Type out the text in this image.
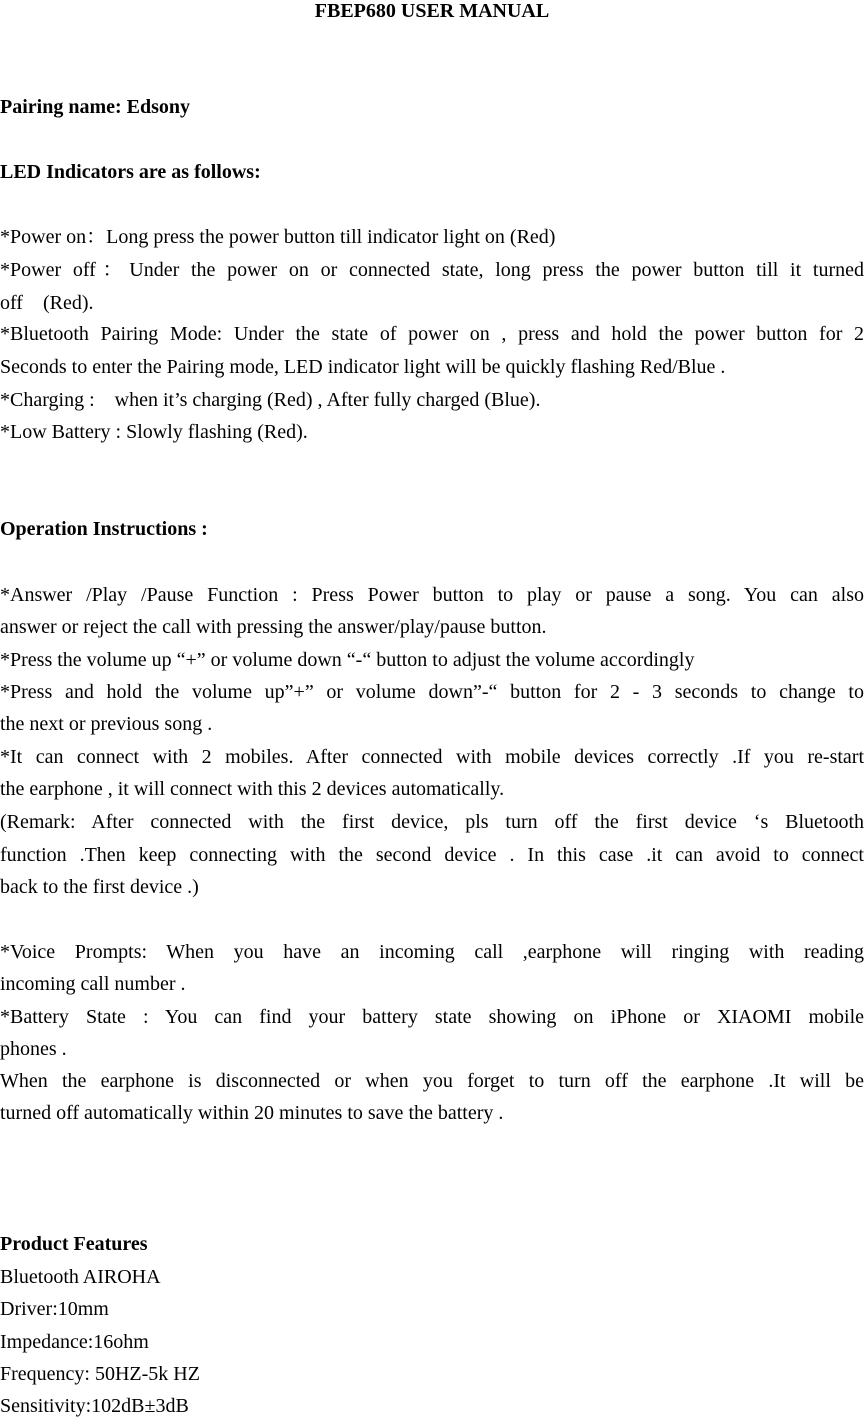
FBEP680 USER MANUAL
Pairing name: Edsony
LED Indicators are as follows:
*Power on：Long press the power button till indicator light on (Red)
*Power off：Under the power on or connected state, long press the power button till it turned
off    (Red).
*Bluetooth Pairing Mode: Under the state of power on , press and hold the power button for 2
Seconds to enter the Pairing mode, LED indicator light will be quickly flashing Red/Blue .
*Charging :    when it’s charging (Red) , After fully charged (Blue).
*Low Battery : Slowly flashing (Red).
Operation Instructions :
*Answer /Play /Pause Function : Press Power button to play or pause a song. You can also
answer or reject the call with pressing the answer/play/pause button.
*Press the volume up “+” or volume down “-“ button to adjust the volume accordingly
*Press and hold the volume up”+” or volume down”-“ button for 2 - 3 seconds to change to
the next or previous song .
*It can connect with 2 mobiles. After connected with mobile devices correctly .If you re-start
the earphone , it will connect with this 2 devices automatically.
(Remark: After connected with the first device, pls turn off the first device ‘s Bluetooth
function .Then keep connecting with the second device . In this case .it can avoid to connect
back to the first device .)
*Voice Prompts: When you have an incoming call ,earphone will ringing with reading
incoming call number .
*Battery State : You can find your battery state showing on iPhone or XIAOMI mobile
phones .
When the earphone is disconnected or when you forget to turn off the earphone .It will be
turned off automatically within 20 minutes to save the battery .
Product Features
Bluetooth AIROHA
Driver:10mm
Impedance:16ohm
Frequency: 50HZ-5k HZ
Sensitivity:102dB±3dB
